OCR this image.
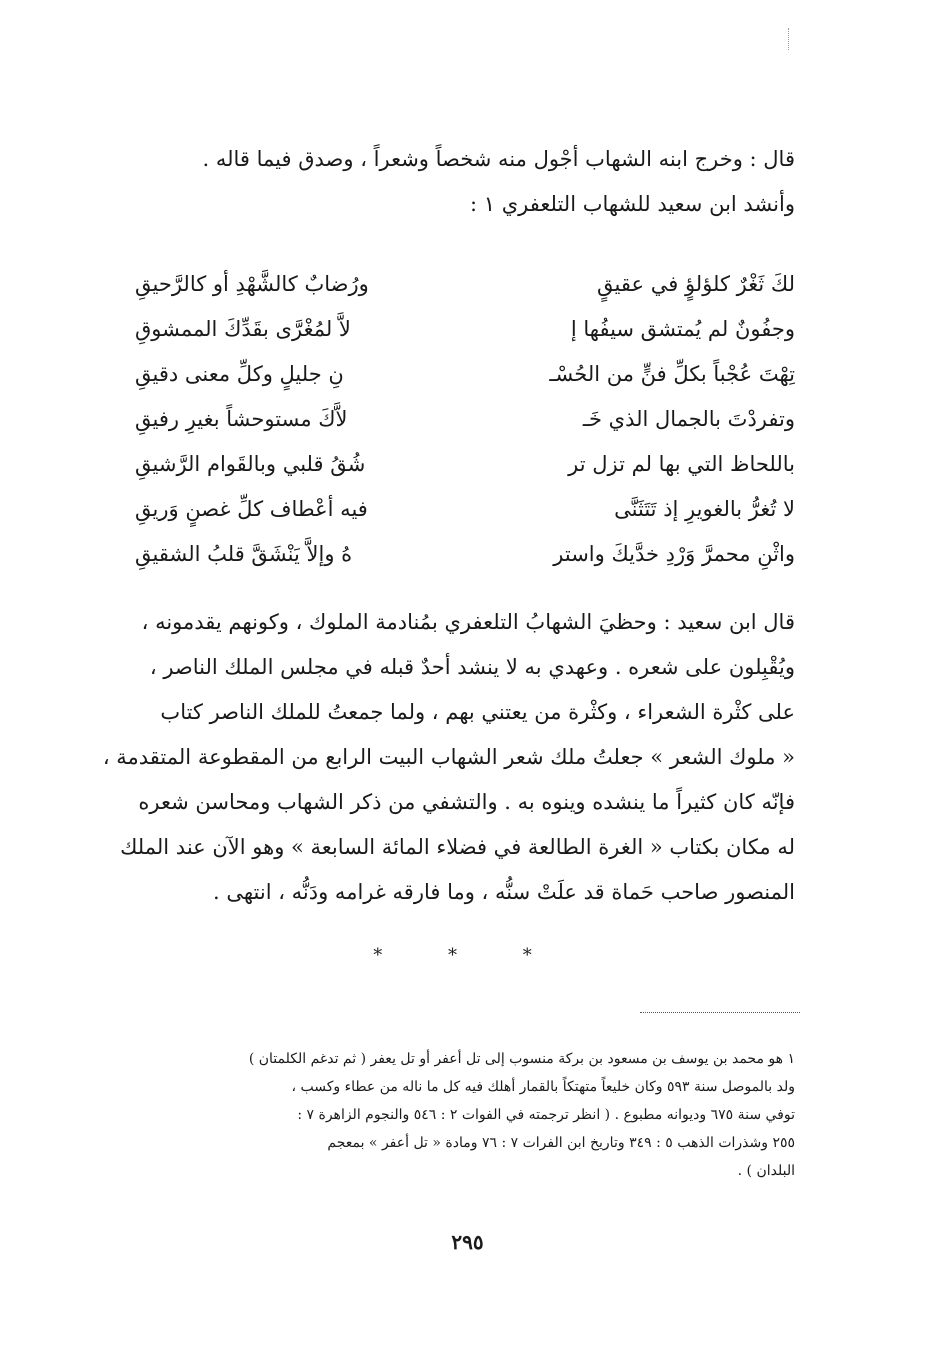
قال : وخرج ابنه الشهاب أجْول منه شخصاً وشعراً ، وصدق فيما قاله .
وأنشد ابن سعيد للشهاب التلعفري ١ :
لكَ ثَغْرٌ كلؤلؤٍ في عقيقٍ
ورُضابٌ كالشَّهْدِ أو كالرَّحيقِ
وجفُونٌ لم يُمتشق سيفُها إ
لاَّ لمُغْرَّى بقَدِّكَ الممشوقِ
تِهْتَ عُجْباً بكلِّ فنٍّ من الحُسْـ
نِ جليلٍ وكلِّ معنى دقيقِ
وتفردْتَ بالجمال الذي خَـ
لاَّكَ مستوحشاً بغيرِ رفيقِ
باللحاظ التي بها لم تزل تر
شُقُ قلبي وبالقَوام الرَّشيقِ
لا تُغرُّ بالغويرِ إذ تَتَثَنَّى
فيه أعْطاف كلِّ غصنٍ وَريقِ
واثْنِ محمرَّ وَرْدِ خدَّيكَ واستر
هُ وإلاَّ يَنْشَقَّ قلبُ الشقيقِ
قال ابن سعيد : وحظيَ الشهابُ التلعفري بمُنادمة الملوك ، وكونهم يقدمونه ،
ويُقْبِلون على شعره . وعهدي به لا ينشد أحدٌ قبله في مجلس الملك الناصر ،
على كثْرة الشعراء ، وكثْرة من يعتني بهم ، ولما جمعتُ للملك الناصر كتاب
« ملوك الشعر » جعلتُ ملك شعر الشهاب البيت الرابع من المقطوعة المتقدمة ،
فإنّه كان كثيراً ما ينشده وينوه به . والتشفي من ذكر الشهاب ومحاسن شعره
له مكان بكتاب « الغرة الطالعة في فضلاء المائة السابعة » وهو الآن عند الملك
المنصور صاحب حَماة قد علَتْ سنُّه ، وما فارقه غرامه ودَنُّه ، انتهى .
* * *
١ هو محمد بن يوسف بن مسعود بن بركة منسوب إلى تل أعفر أو تل يعفر ( ثم تدغم الكلمتان )
ولد بالموصل سنة ٥٩٣ وكان خليعاً متهتكاً بالقمار أهلك فيه كل ما ناله من عطاء وكسب ،
توفي سنة ٦٧٥ وديوانه مطبوع . ( انظر ترجمته في الفوات ٢ : ٥٤٦ والنجوم الزاهرة ٧ :
٢٥٥ وشذرات الذهب ٥ : ٣٤٩ وتاريخ ابن الفرات ٧ : ٧٦ ومادة « تل أعفر » بمعجم
البلدان ) .
٢٩٥
